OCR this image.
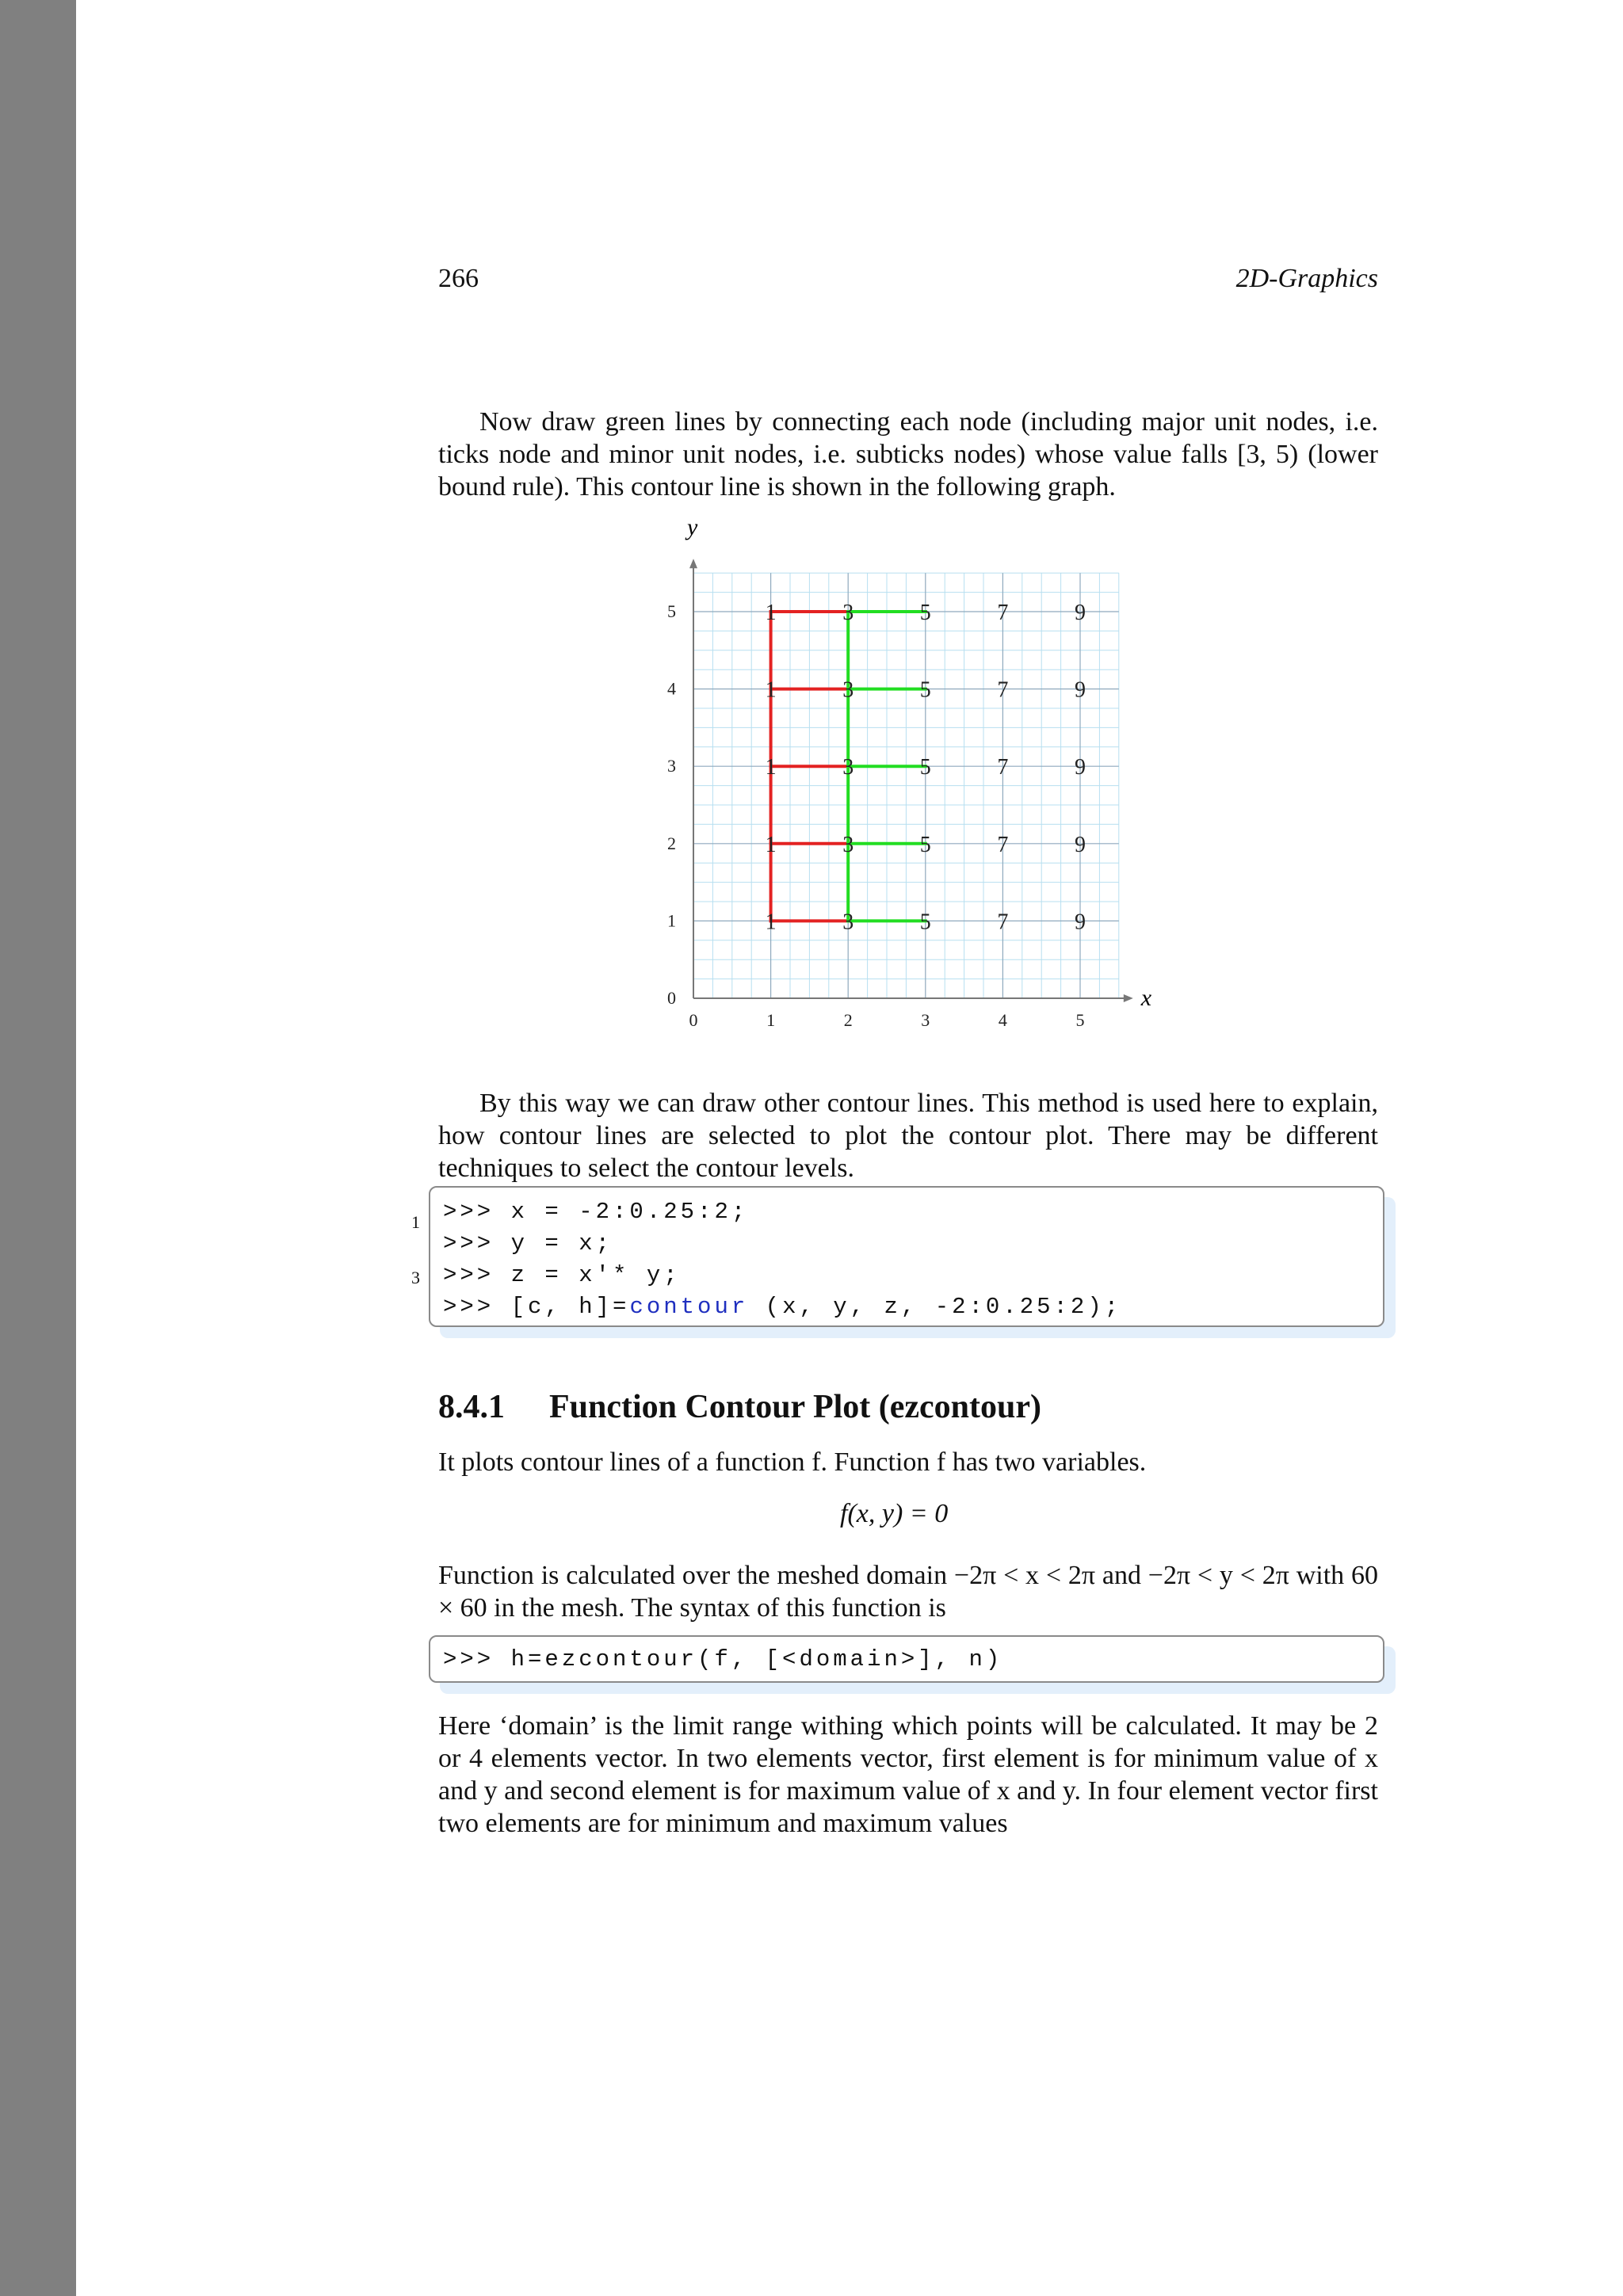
266	2D-Graphics

Now draw green lines by connecting each node (including major unit nodes, i.e. ticks node and minor unit nodes, i.e. subticks nodes) whose value falls [3, 5) (lower bound rule). This contour line is shown in the following graph.

1	3	5	7	9
1	3	5	7	9
1	3	5	7	9
1	3	5	7	9
1	3	5	7	9
0	1	2	3	4	5
0
1
2
3
4
5
x
y

By this way we can draw other contour lines. This method is used here to explain, how contour lines are selected to plot the contour plot. There may be different techniques to select the contour levels.

1
3
>>> x = -2:0.25:2;
>>> y = x;
>>> z = x'* y;
>>> [c, h]=contour (x, y, z, -2:0.25:2);
8.4.1 Function Contour Plot (ezcontour)

It plots contour lines of a function f. Function f has two variables.

f(x, y) = 0

Function is calculated over the meshed domain −2π < x < 2π and −2π < y < 2π with 60 × 60 in the mesh. The syntax of this function is

>>> h=ezcontour(f, [<domain>], n)

Here ‘domain’ is the limit range withing which points will be calculated. It may be 2 or 4 elements vector. In two elements vector, first element is for minimum value of x and y and second element is for maximum value of x and y. In four element vector first two elements are for minimum and maximum values
